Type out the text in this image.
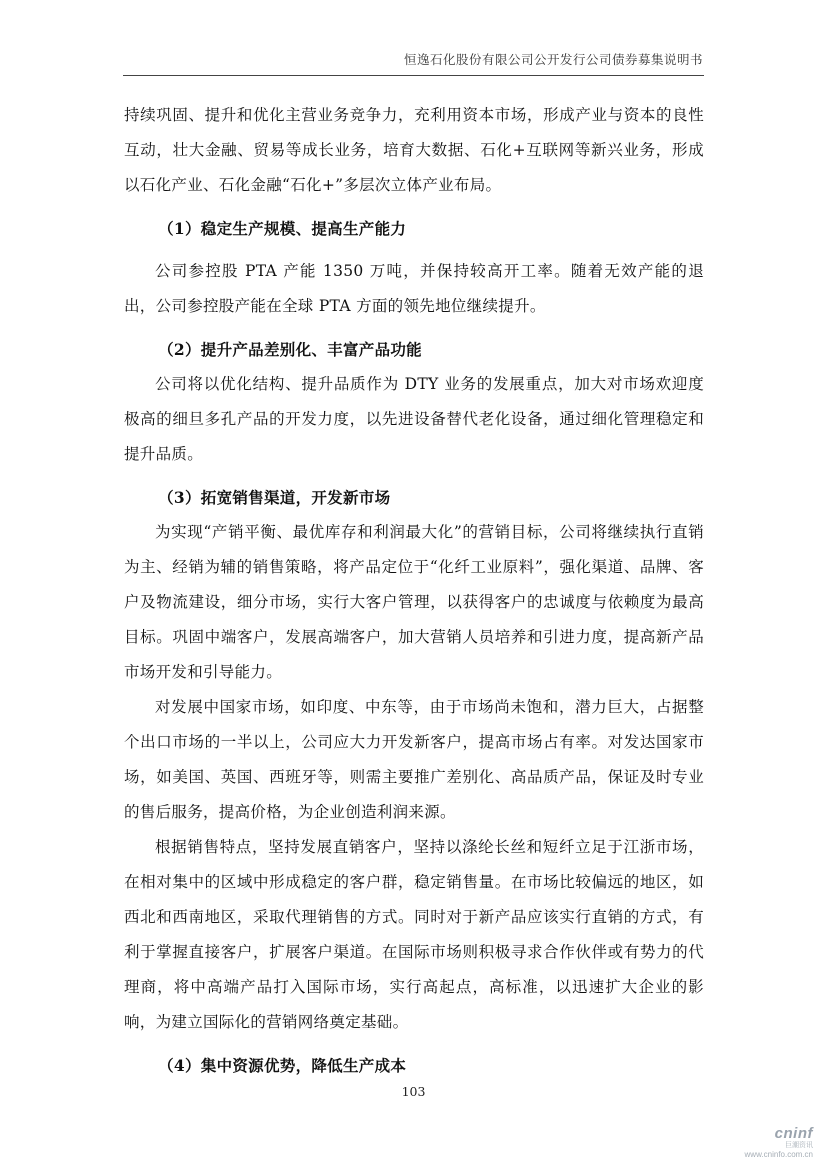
恒逸石化股份有限公司公开发行公司债券募集说明书

持续巩固、提升和优化主营业务竞争力，充利用资本市场，形成产业与资本的良性互动，壮大金融、贸易等成长业务，培育大数据、石化+互联网等新兴业务，形成以石化产业、石化金融“石化+”多层次立体产业布局。

（1）稳定生产规模、提高生产能力

公司参控股 PTA 产能 1350 万吨，并保持较高开工率。随着无效产能的退出，公司参控股产能在全球 PTA 方面的领先地位继续提升。

（2）提升产品差别化、丰富产品功能

公司将以优化结构、提升品质作为 DTY 业务的发展重点，加大对市场欢迎度极高的细旦多孔产品的开发力度，以先进设备替代老化设备，通过细化管理稳定和提升品质。

（3）拓宽销售渠道，开发新市场

为实现“产销平衡、最优库存和利润最大化”的营销目标，公司将继续执行直销为主、经销为辅的销售策略，将产品定位于“化纤工业原料”，强化渠道、品牌、客户及物流建设，细分市场，实行大客户管理，以获得客户的忠诚度与依赖度为最高目标。巩固中端客户，发展高端客户，加大营销人员培养和引进力度，提高新产品市场开发和引导能力。

对发展中国家市场，如印度、中东等，由于市场尚未饱和，潜力巨大，占据整个出口市场的一半以上，公司应大力开发新客户，提高市场占有率。对发达国家市场，如美国、英国、西班牙等，则需主要推广差别化、高品质产品，保证及时专业的售后服务，提高价格，为企业创造利润来源。

根据销售特点，坚持发展直销客户，坚持以涤纶长丝和短纤立足于江浙市场，在相对集中的区域中形成稳定的客户群，稳定销售量。在市场比较偏远的地区，如西北和西南地区，采取代理销售的方式。同时对于新产品应该实行直销的方式，有利于掌握直接客户，扩展客户渠道。在国际市场则积极寻求合作伙伴或有势力的代理商，将中高端产品打入国际市场，实行高起点，高标准，以迅速扩大企业的影响，为建立国际化的营销网络奠定基础。

（4）集中资源优势，降低生产成本

103
cninf
巨潮资讯
www.cninfo.com.cn
